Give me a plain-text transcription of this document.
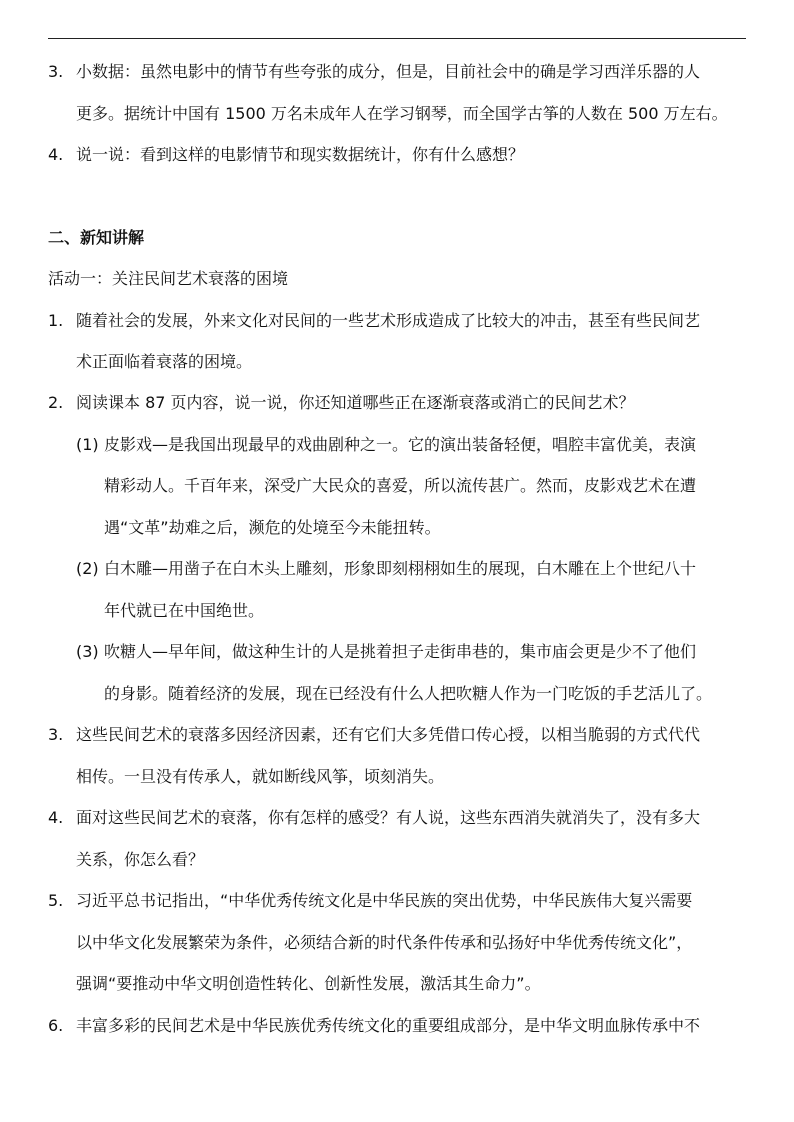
3. 小数据：虽然电影中的情节有些夸张的成分，但是，目前社会中的确是学习西洋乐器的人
更多。据统计中国有 1500 万名未成年人在学习钢琴，而全国学古筝的人数在 500 万左右。
4. 说一说：看到这样的电影情节和现实数据统计，你有什么感想？
二、新知讲解
活动一：关注民间艺术衰落的困境
1. 随着社会的发展，外来文化对民间的一些艺术形成造成了比较大的冲击，甚至有些民间艺
术正面临着衰落的困境。
2. 阅读课本 87 页内容，说一说，你还知道哪些正在逐渐衰落或消亡的民间艺术？
(1) 皮影戏—是我国出现最早的戏曲剧种之一。它的演出装备轻便，唱腔丰富优美，表演
精彩动人。千百年来，深受广大民众的喜爱，所以流传甚广。然而，皮影戏艺术在遭
遇“文革”劫难之后，濒危的处境至今未能扭转。
(2) 白木雕—用凿子在白木头上雕刻，形象即刻栩栩如生的展现，白木雕在上个世纪八十
年代就已在中国绝世。
(3) 吹糖人—早年间，做这种生计的人是挑着担子走街串巷的，集市庙会更是少不了他们
的身影。随着经济的发展，现在已经没有什么人把吹糖人作为一门吃饭的手艺活儿了。
3. 这些民间艺术的衰落多因经济因素，还有它们大多凭借口传心授，以相当脆弱的方式代代
相传。一旦没有传承人，就如断线风筝，顷刻消失。
4. 面对这些民间艺术的衰落，你有怎样的感受？有人说，这些东西消失就消失了，没有多大
关系，你怎么看？
5. 习近平总书记指出，“中华优秀传统文化是中华民族的突出优势，中华民族伟大复兴需要
以中华文化发展繁荣为条件，必须结合新的时代条件传承和弘扬好中华优秀传统文化”，
强调“要推动中华文明创造性转化、创新性发展，激活其生命力”。
6. 丰富多彩的民间艺术是中华民族优秀传统文化的重要组成部分，是中华文明血脉传承中不
